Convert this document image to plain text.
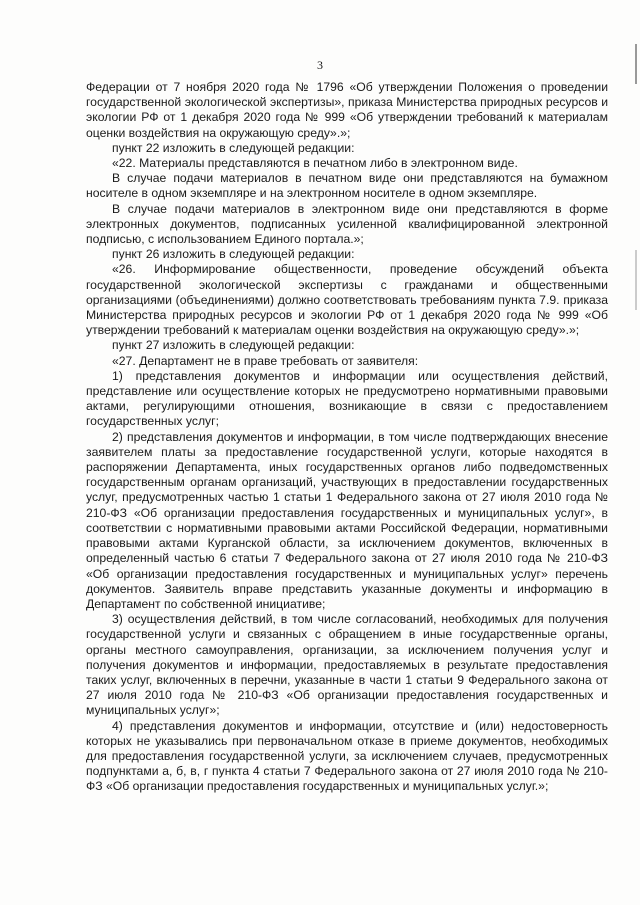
3

Федерации от 7 ноября 2020 года № 1796 «Об утверждении Положения о проведении государственной экологической экспертизы», приказа Министерства природных ресурсов и экологии РФ от 1 декабря 2020 года № 999 «Об утверждении требований к материалам оценки воздействия на окружающую среду».»;

пункт 22 изложить в следующей редакции:

«22. Материалы представляются в печатном либо в электронном виде.

В случае подачи материалов в печатном виде они представляются на бумажном носителе в одном экземпляре и на электронном носителе в одном экземпляре.

В случае подачи материалов в электронном виде они представляются в форме электронных документов, подписанных усиленной квалифицированной электронной подписью, с использованием Единого портала.»;

пункт 26 изложить в следующей редакции:

«26. Информирование общественности, проведение обсуждений объекта государственной экологической экспертизы с гражданами и общественными организациями (объединениями) должно соответствовать требованиям пункта 7.9. приказа Министерства природных ресурсов и экологии РФ от 1 декабря 2020 года № 999 «Об утверждении требований к материалам оценки воздействия на окружающую среду».»;

пункт 27 изложить в следующей редакции:

«27. Департамент не в праве требовать от заявителя:

1) представления документов и информации или осуществления действий, представление или осуществление которых не предусмотрено нормативными правовыми актами, регулирующими отношения, возникающие в связи с предоставлением государственных услуг;

2) представления документов и информации, в том числе подтверждающих внесение заявителем платы за предоставление государственной услуги, которые находятся в распоряжении Департамента, иных государственных органов либо подведомственных государственным органам организаций, участвующих в предоставлении государственных услуг, предусмотренных частью 1 статьи 1 Федерального закона от 27 июля 2010 года № 210-ФЗ «Об организации предоставления государственных и муниципальных услуг», в соответствии с нормативными правовыми актами Российской Федерации, нормативными правовыми актами Курганской области, за исключением документов, включенных в определенный частью 6 статьи 7 Федерального закона от 27 июля 2010 года № 210-ФЗ «Об организации предоставления государственных и муниципальных услуг» перечень документов. Заявитель вправе представить указанные документы и информацию в Департамент по собственной инициативе;

3) осуществления действий, в том числе согласований, необходимых для получения государственной услуги и связанных с обращением в иные государственные органы, органы местного самоуправления, организации, за исключением получения услуг и получения документов и информации, предоставляемых в результате предоставления таких услуг, включенных в перечни, указанные в части 1 статьи 9 Федерального закона от 27 июля 2010 года № 210-ФЗ «Об организации предоставления государственных и муниципальных услуг»;

4) представления документов и информации, отсутствие и (или) недостоверность которых не указывались при первоначальном отказе в приеме документов, необходимых для предоставления государственной услуги, за исключением случаев, предусмотренных подпунктами а, б, в, г пункта 4 статьи 7 Федерального закона от 27 июля 2010 года № 210-ФЗ «Об организации предоставления государственных и муниципальных услуг.»;
